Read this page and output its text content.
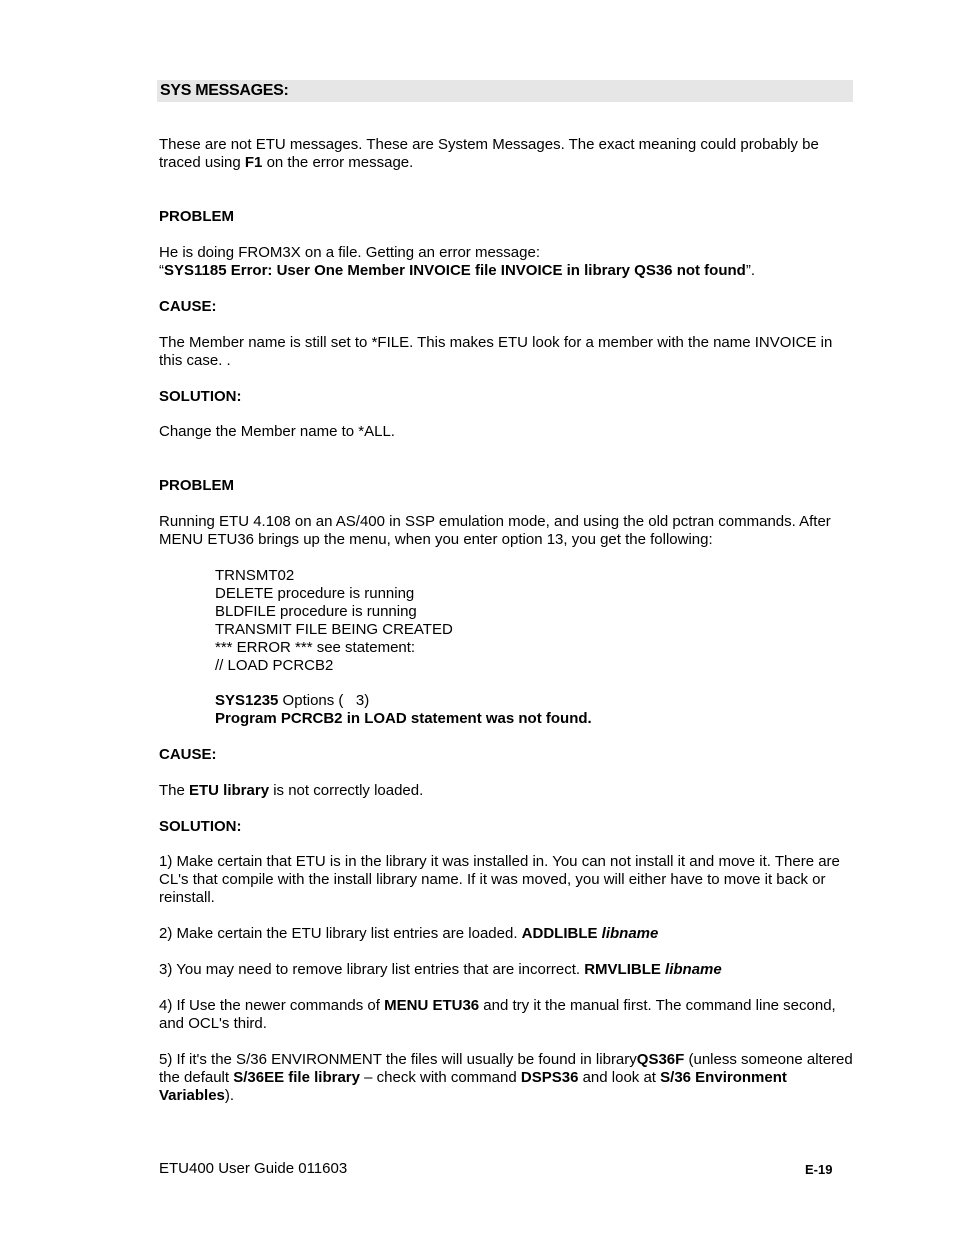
SYS MESSAGES:
These are not ETU messages. These are System Messages. The exact meaning could probably be traced using F1 on the error message.
PROBLEM
He is doing FROM3X on a file. Getting an error message:
“SYS1185 Error: User One Member INVOICE file INVOICE in library QS36 not found”.
CAUSE:
The Member name is still set to *FILE. This makes ETU look for a member with the name INVOICE in this case. .
SOLUTION:
Change the Member name to *ALL.
PROBLEM
Running ETU 4.108 on an AS/400 in SSP emulation mode, and using the old pctran commands. After MENU ETU36 brings up the menu, when you enter option 13, you get the following:
TRNSMT02
DELETE procedure is running
BLDFILE procedure is running
TRANSMIT FILE BEING CREATED
*** ERROR *** see statement:
// LOAD PCRCB2
SYS1235 Options (   3)
Program PCRCB2 in LOAD statement was not found.
CAUSE:
The ETU library is not correctly loaded.
SOLUTION:
1) Make certain that ETU is in the library it was installed in. You can not install it and move it. There are CL's that compile with the install library name. If it was moved, you will either have to move it back or reinstall.
2) Make certain the ETU library list entries are loaded. ADDLIBLE libname
3) You may need to remove library list entries that are incorrect. RMVLIBLE libname
4) If Use the newer commands of MENU ETU36 and try it the manual first. The command line second, and OCL's third.
5) If it's the S/36 ENVIRONMENT the files will usually be found in libraryQS36F (unless someone altered the default S/36EE file library – check with command DSPS36 and look at S/36 Environment Variables).
ETU400 User Guide 011603	E-19
